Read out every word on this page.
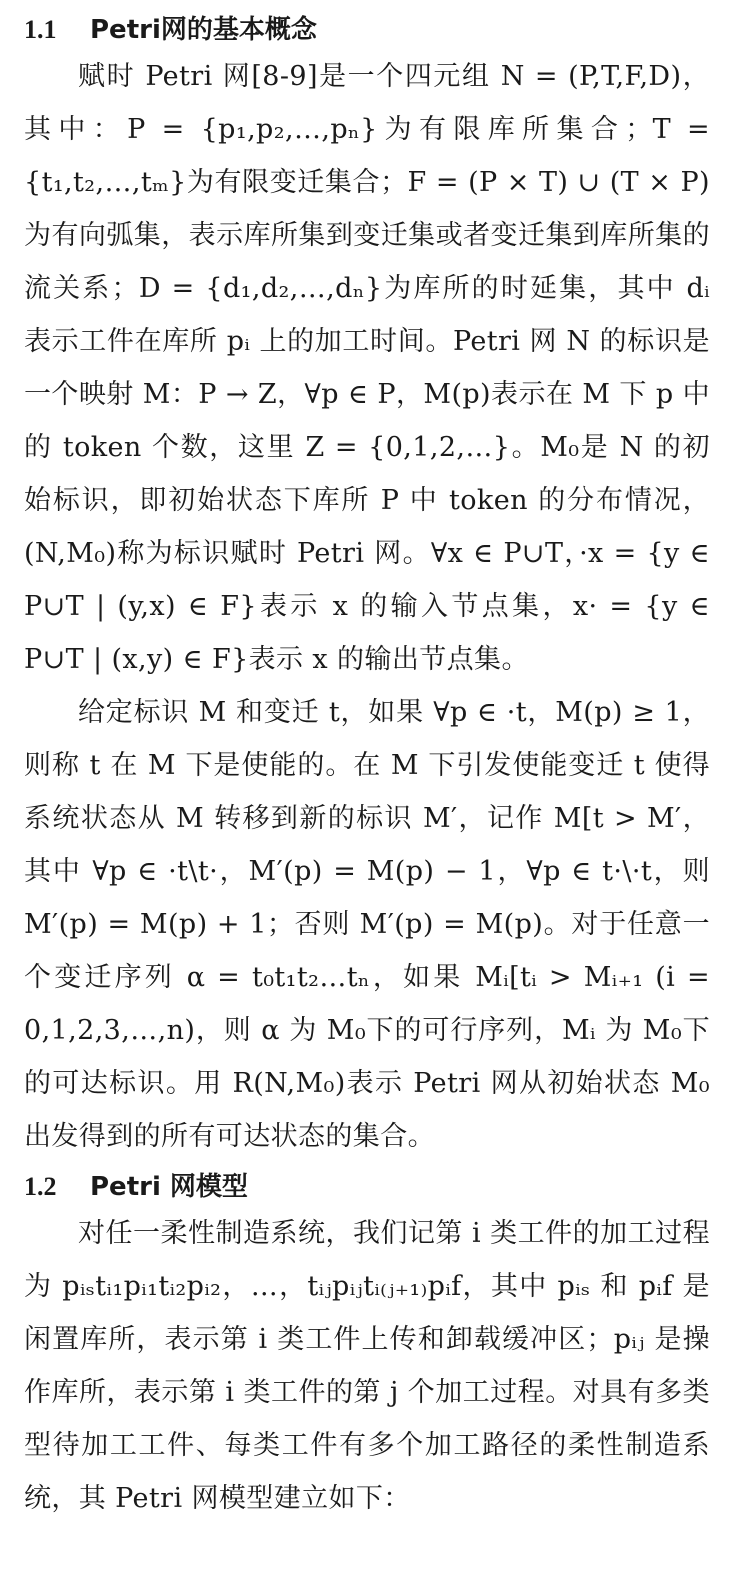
1.1 Petri网的基本概念

赋时 Petri 网[8-9]是一个四元组 N = (P,T,F,D)，其中：P = {p₁,p₂,…,pₙ}为有限库所集合；T = {t₁,t₂,…,tₘ}为有限变迁集合；F = (P × T) ∪ (T × P)为有向弧集，表示库所集到变迁集或者变迁集到库所集的流关系；D = {d₁,d₂,…,dₙ}为库所的时延集，其中 dᵢ 表示工件在库所 pᵢ 上的加工时间。Petri 网 N 的标识是一个映射 M：P → Z，∀p ∈ P，M(p)表示在 M 下 p 中的 token 个数，这里 Z = {0,1,2,…}。M₀是 N 的初始标识，即初始状态下库所 P 中 token 的分布情况，(N,M₀)称为标识赋时 Petri 网。∀x ∈ P∪T，·x = {y ∈ P∪T | (y,x) ∈ F}表示 x 的输入节点集，x· = {y ∈ P∪T | (x,y) ∈ F}表示 x 的输出节点集。

给定标识 M 和变迁 t，如果 ∀p ∈ ·t，M(p) ≥ 1，则称 t 在 M 下是使能的。在 M 下引发使能变迁 t 使得系统状态从 M 转移到新的标识 M′，记作 M[t > M′，其中 ∀p ∈ ·t\t·，M′(p) = M(p) − 1，∀p ∈ t·\·t，则 M′(p) = M(p) + 1；否则 M′(p) = M(p)。对于任意一个变迁序列 α = t₀t₁t₂…tₙ，如果 Mᵢ[tᵢ > Mᵢ₊₁ (i = 0,1,2,3,…,n)，则 α 为 M₀下的可行序列，Mᵢ 为 M₀下的可达标识。用 R(N,M₀)表示 Petri 网从初始状态 M₀出发得到的所有可达状态的集合。

1.2 Petri 网模型

对任一柔性制造系统，我们记第 i 类工件的加工过程为 pᵢₛtᵢ₁pᵢ₁tᵢ₂pᵢ₂，…，tᵢⱼpᵢⱼtᵢ₍ⱼ₊₁₎pᵢf，其中 pᵢₛ 和 pᵢf 是闲置库所，表示第 i 类工件上传和卸载缓冲区；pᵢⱼ 是操作库所，表示第 i 类工件的第 j 个加工过程。对具有多类型待加工工件、每类工件有多个加工路径的柔性制造系统，其 Petri 网模型建立如下：
